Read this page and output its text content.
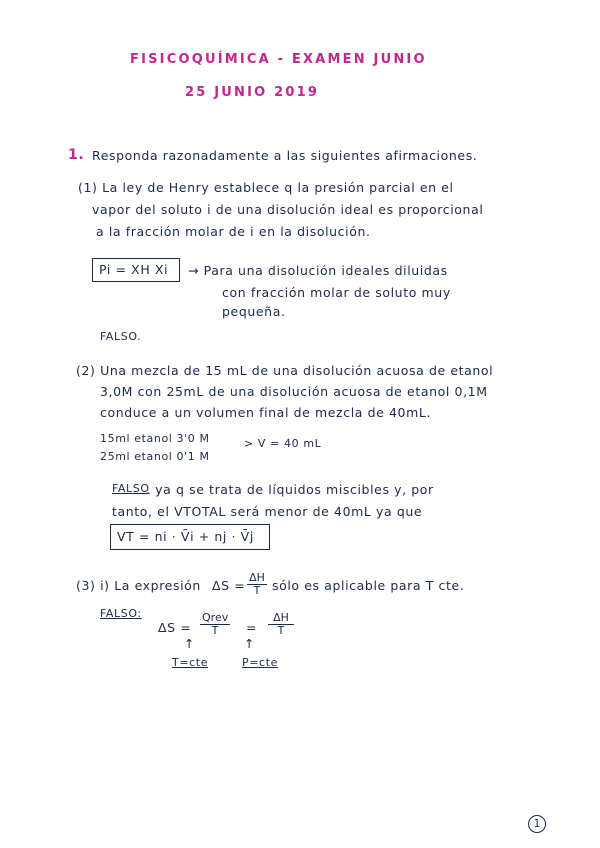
FISICOQUÍMICA - EXAMEN JUNIO
25 JUNIO 2019
1. Responda razonadamente a las siguientes afirmaciones.
(1) La ley de Henry establece q la presión parcial en el
vapor del soluto i de una disolución ideal es proporcional
a la fracción molar de i en la disolución.
Pi = XH Xi → Para una disolución ideales diluidas
con fracción molar de soluto muy
pequeña.
FALSO.
(2) Una mezcla de 15 mL de una disolución acuosa de etanol
3,0M con 25mL de una disolución acuosa de etanol 0,1M
conduce a un volumen final de mezcla de 40mL.
15ml etanol 3'0 M
25ml etanol 0'1 M
> V = 40 mL
FALSO
. ya q se trata de líquidos miscibles y, por
tanto, el VTOTAL será menor de 40mL ya que
VT = ni · V̄i + nj · V̄j
(3) i) La expresión $\Delta S = \frac{\Delta H}{T}$ sólo es aplicable para T cte.
FALSO:
ΔS =
Qrev
T	= $\frac{\Delta H}{T}$
↑	↑
T=cte	P=cte
1
